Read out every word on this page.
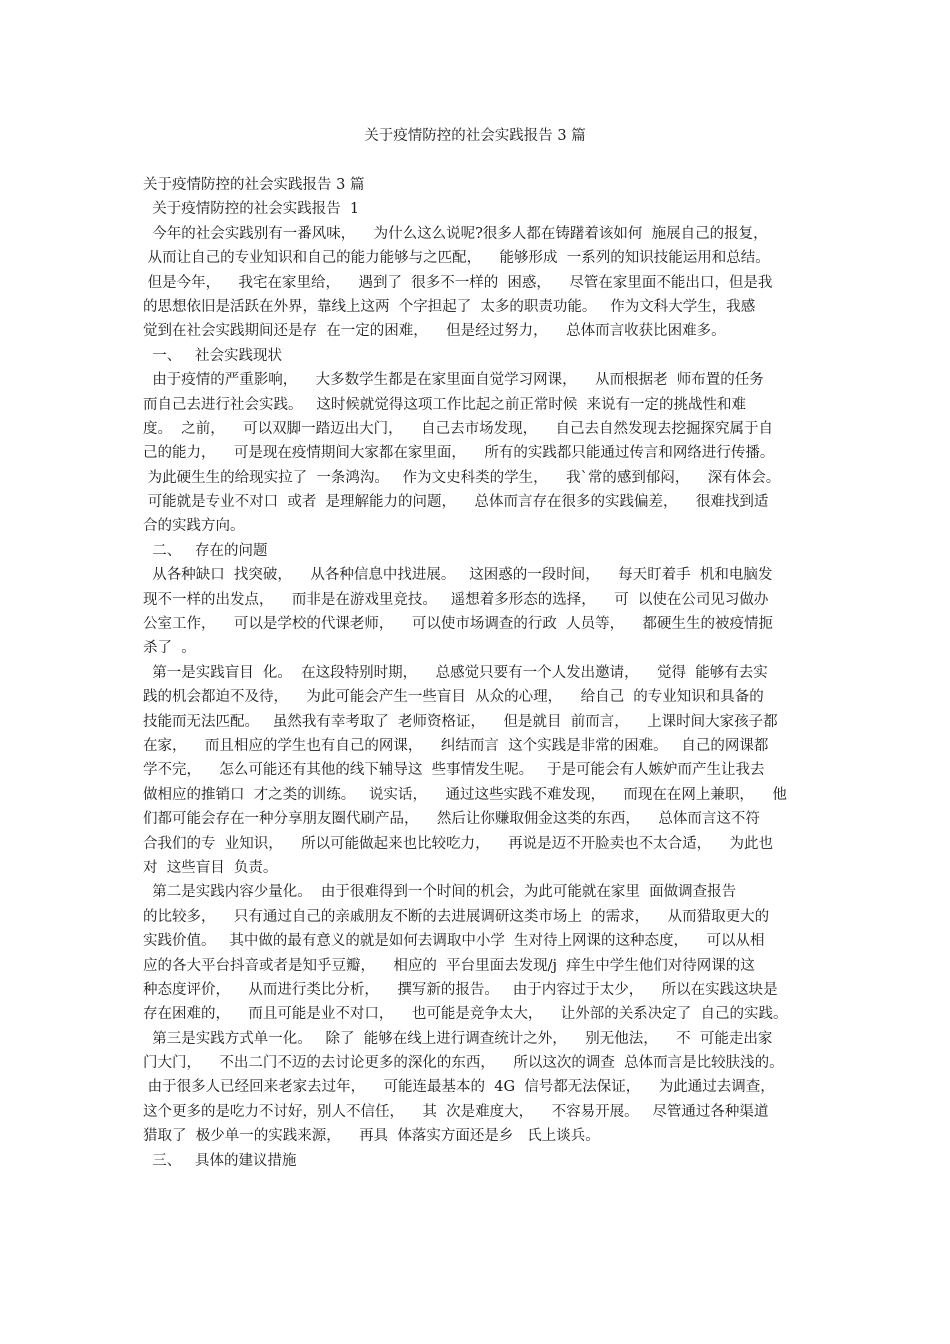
关于疫情防控的社会实践报告 3 篇
关于疫情防控的社会实践报告 3 篇
关于疫情防控的社会实践报告  1
今年的社会实践别有一番风味，    为什么这么说呢?很多人都在铸躇着该如何  施展自己的报复，
从而让自己的专业知识和自己的能力能够与之匹配，    能够形成  一系列的知识技能运用和总结。
但是今年，    我宅在家里给，    遇到了  很多不一样的  困惑，    尽管在家里面不能出口，但是我
的思想依旧是活跃在外界，靠线上这两  个字担起了  太多的职责功能。   作为文科大学生，我感
觉到在社会实践期间还是存  在一定的困难，    但是经过努力，    总体而言收获比困难多。
一、   社会实践现状
由于疫情的严重影响，    大多数学生都是在家里面自觉学习网课，    从而根据老  师布置的任务
而自己去进行社会实践。   这时候就觉得这项工作比起之前正常时候  来说有一定的挑战性和难
度。  之前，    可以双脚一踏迈出大门，    自己去市场发现，    自己去自然发现去挖掘探究属于自
己的能力，    可是现在疫情期间大家都在家里面，    所有的实践都只能通过传言和网络进行传播。
为此硬生生的给现实拉了  一条鸿沟。   作为文史科类的学生，    我`常的感到郁闷，    深有体会。
可能就是专业不对口  或者  是理解能力的问题，    总体而言存在很多的实践偏差，    很难找到适
合的实践方向。
二、   存在的问题
从各种缺口  找突破，    从各种信息中找进展。   这困惑的一段时间，    每天盯着手  机和电脑发
现不一样的出发点，    而非是在游戏里竞技。   遥想着多形态的选择，    可  以使在公司见习做办
公室工作，    可以是学校的代课老师，    可以使市场调查的行政  人员等，    都硬生生的被疫情扼
杀了  。
第一是实践盲目  化。  在这段特别时期，    总感觉只要有一个人发出邀请，    觉得  能够有去实
践的机会都迫不及待，    为此可能会产生一些盲目  从众的心理，    给自己  的专业知识和具备的
技能而无法匹配。   虽然我有幸考取了  老师资格证，    但是就目  前而言，    上课时间大家孩子都
在家，    而且相应的学生也有自己的网课，    纠结而言  这个实践是非常的困难。   自己的网课都
学不完，    怎么可能还有其他的线下辅导这  些事情发生呢。   于是可能会有人嫉妒而产生让我去
做相应的推销口  才之类的训练。   说实话，    通过这些实践不难发现，    而现在在网上兼职，    他
们都可能会存在一种分享朋友圈代刷产品，    然后让你赚取佣金这类的东西，    总体而言这不符
合我们的专  业知识，    所以可能做起来也比较吃力，    再说是迈不开脸卖也不太合适，    为此也
对  这些盲目  负责。
第二是实践内容少量化。  由于很难得到一个时间的机会，为此可能就在家里  面做调查报告
的比较多，    只有通过自己的亲戚朋友不断的去进展调研这类市场上  的需求，    从而猎取更大的
实践价值。   其中做的最有意义的就是如何去调取中小学  生对待上网课的这种态度，    可以从相
应的各大平台抖音或者是知乎豆瓣，    相应的  平台里面去发现/j  痒生中学生他们对待网课的这
种态度评价，    从而进行类比分析，    撰写新的报告。   由于内容过于太少，    所以在实践这块是
存在困难的，    而且可能是业不对口，    也可能是竞争太大，    让外部的关系决定了  自己的实践。
第三是实践方式单一化。   除了  能够在线上进行调查统计之外，    别无他法，    不  可能走出家
门大门，    不出二门不迈的去讨论更多的深化的东西，    所以这次的调查  总体而言是比较肤浅的。
由于很多人已经回来老家去过年，    可能连最基本的  4G  信号都无法保证，    为此通过去调查，
这个更多的是吃力不讨好，别人不信任，    其  次是难度大，    不容易开展。   尽管通过各种渠道
猎取了  极少单一的实践来源，    再具  体落实方面还是乡   氏上谈兵。
三、   具体的建议措施
